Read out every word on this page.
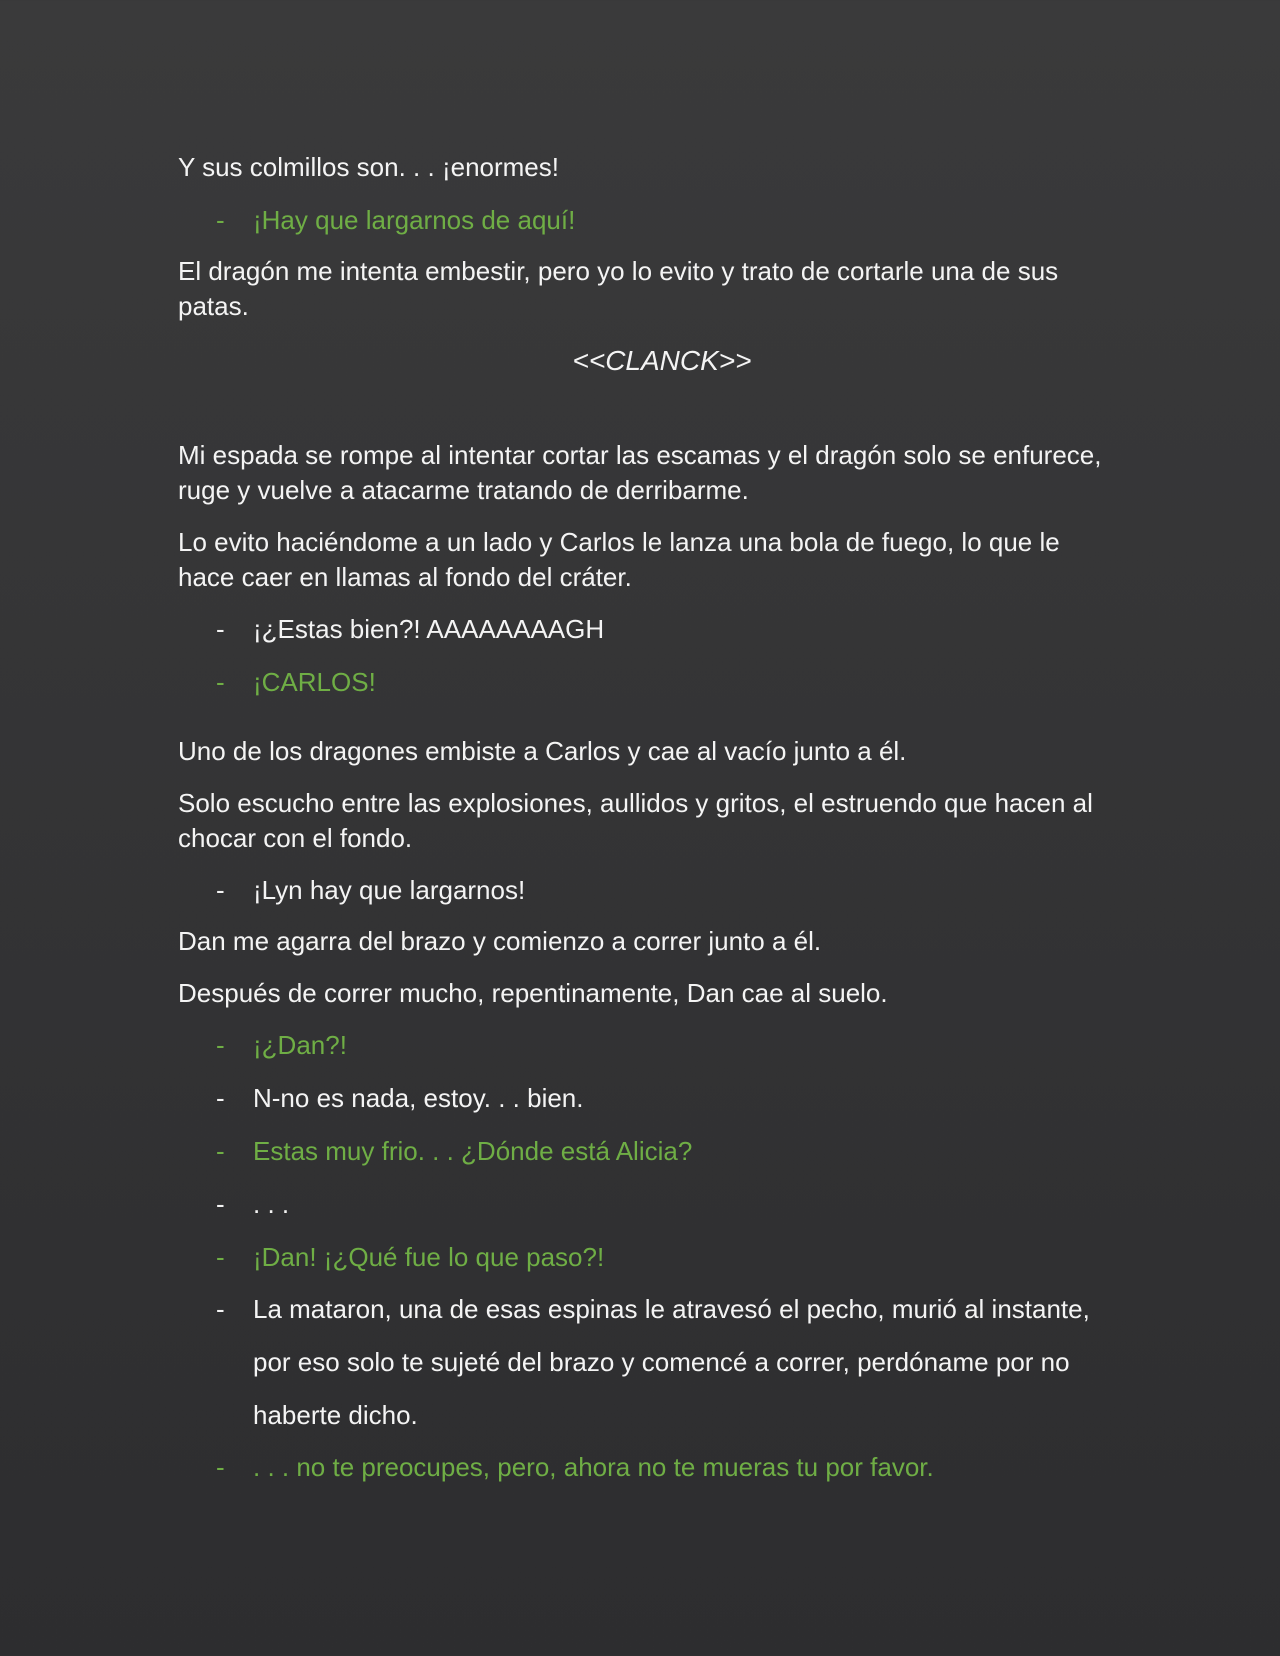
Y sus colmillos son. . . ¡enormes!
- ¡Hay que largarnos de aquí!
El dragón me intenta embestir, pero yo lo evito y trato de cortarle una de sus patas.
<<CLANCK>>
Mi espada se rompe al intentar cortar las escamas y el dragón solo se enfurece, ruge y vuelve a atacarme tratando de derribarme.
Lo evito haciéndome a un lado y Carlos le lanza una bola de fuego, lo que le hace caer en llamas al fondo del cráter.
- ¡¿Estas bien?! AAAAAAAAGH
- ¡CARLOS!
Uno de los dragones embiste a Carlos y cae al vacío junto a él.
Solo escucho entre las explosiones, aullidos y gritos, el estruendo que hacen al chocar con el fondo.
- ¡Lyn hay que largarnos!
Dan me agarra del brazo y comienzo a correr junto a él.
Después de correr mucho, repentinamente, Dan cae al suelo.
- ¡¿Dan?!
- N-no es nada, estoy. . . bien.
- Estas muy frio. . . ¿Dónde está Alicia?
- . . .
- ¡Dan! ¡¿Qué fue lo que paso?!
-	La mataron, una de esas espinas le atravesó el pecho, murió al instante, por eso solo te sujeté del brazo y comencé a correr, perdóname por no haberte dicho.
- . . . no te preocupes, pero, ahora no te mueras tu por favor.
